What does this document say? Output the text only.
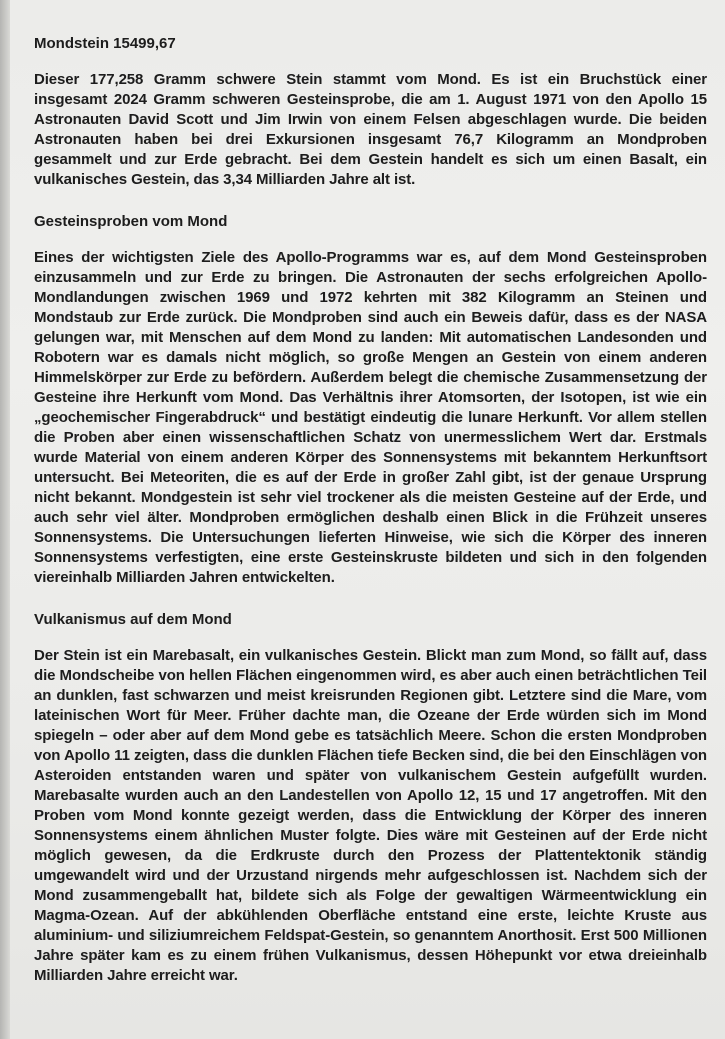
Mondstein 15499,67

Dieser 177,258 Gramm schwere Stein stammt vom Mond. Es ist ein Bruchstück einer insgesamt 2024 Gramm schweren Gesteinsprobe, die am 1. August 1971 von den Apollo 15 Astronauten David Scott und Jim Irwin von einem Felsen abgeschlagen wurde. Die beiden Astronauten haben bei drei Exkursionen insgesamt 76,7 Kilogramm an Mondproben gesammelt und zur Erde gebracht. Bei dem Gestein handelt es sich um einen Basalt, ein vulkanisches Gestein, das 3,34 Milliarden Jahre alt ist.

Gesteinsproben vom Mond

Eines der wichtigsten Ziele des Apollo-Programms war es, auf dem Mond Gesteinsproben einzusammeln und zur Erde zu bringen. Die Astronauten der sechs erfolgreichen Apollo-Mondlandungen zwischen 1969 und 1972 kehrten mit 382 Kilogramm an Steinen und Mondstaub zur Erde zurück. Die Mondproben sind auch ein Beweis dafür, dass es der NASA gelungen war, mit Menschen auf dem Mond zu landen: Mit automatischen Landesonden und Robotern war es damals nicht möglich, so große Mengen an Gestein von einem anderen Himmelskörper zur Erde zu befördern. Außerdem belegt die chemische Zusammensetzung der Gesteine ihre Herkunft vom Mond. Das Verhältnis ihrer Atomsorten, der Isotopen, ist wie ein „geochemischer Fingerabdruck“ und bestätigt eindeutig die lunare Herkunft. Vor allem stellen die Proben aber einen wissenschaftlichen Schatz von unermesslichem Wert dar. Erstmals wurde Material von einem anderen Körper des Sonnensystems mit bekanntem Herkunftsort untersucht. Bei Meteoriten, die es auf der Erde in großer Zahl gibt, ist der genaue Ursprung nicht bekannt. Mondgestein ist sehr viel trockener als die meisten Gesteine auf der Erde, und auch sehr viel älter. Mondproben ermöglichen deshalb einen Blick in die Frühzeit unseres Sonnensystems. Die Untersuchungen lieferten Hinweise, wie sich die Körper des inneren Sonnensystems verfestigten, eine erste Gesteinskruste bildeten und sich in den folgenden viereinhalb Milliarden Jahren entwickelten.

Vulkanismus auf dem Mond

Der Stein ist ein Marebasalt, ein vulkanisches Gestein. Blickt man zum Mond, so fällt auf, dass die Mondscheibe von hellen Flächen eingenommen wird, es aber auch einen beträchtlichen Teil an dunklen, fast schwarzen und meist kreisrunden Regionen gibt. Letztere sind die Mare, vom lateinischen Wort für Meer. Früher dachte man, die Ozeane der Erde würden sich im Mond spiegeln – oder aber auf dem Mond gebe es tatsächlich Meere. Schon die ersten Mondproben von Apollo 11 zeigten, dass die dunklen Flächen tiefe Becken sind, die bei den Einschlägen von Asteroiden entstanden waren und später von vulkanischem Gestein aufgefüllt wurden. Marebasalte wurden auch an den Landestellen von Apollo 12, 15 und 17 angetroffen. Mit den Proben vom Mond konnte gezeigt werden, dass die Entwicklung der Körper des inneren Sonnensystems einem ähnlichen Muster folgte. Dies wäre mit Gesteinen auf der Erde nicht möglich gewesen, da die Erdkruste durch den Prozess der Plattentektonik ständig umgewandelt wird und der Urzustand nirgends mehr aufgeschlossen ist. Nachdem sich der Mond zusammengeballt hat, bildete sich als Folge der gewaltigen Wärmeentwicklung ein Magma-Ozean. Auf der abkühlenden Oberfläche entstand eine erste, leichte Kruste aus aluminium- und siliziumreichem Feldspat-Gestein, so genanntem Anorthosit. Erst 500 Millionen Jahre später kam es zu einem frühen Vulkanismus, dessen Höhepunkt vor etwa dreieinhalb Milliarden Jahre erreicht war.
